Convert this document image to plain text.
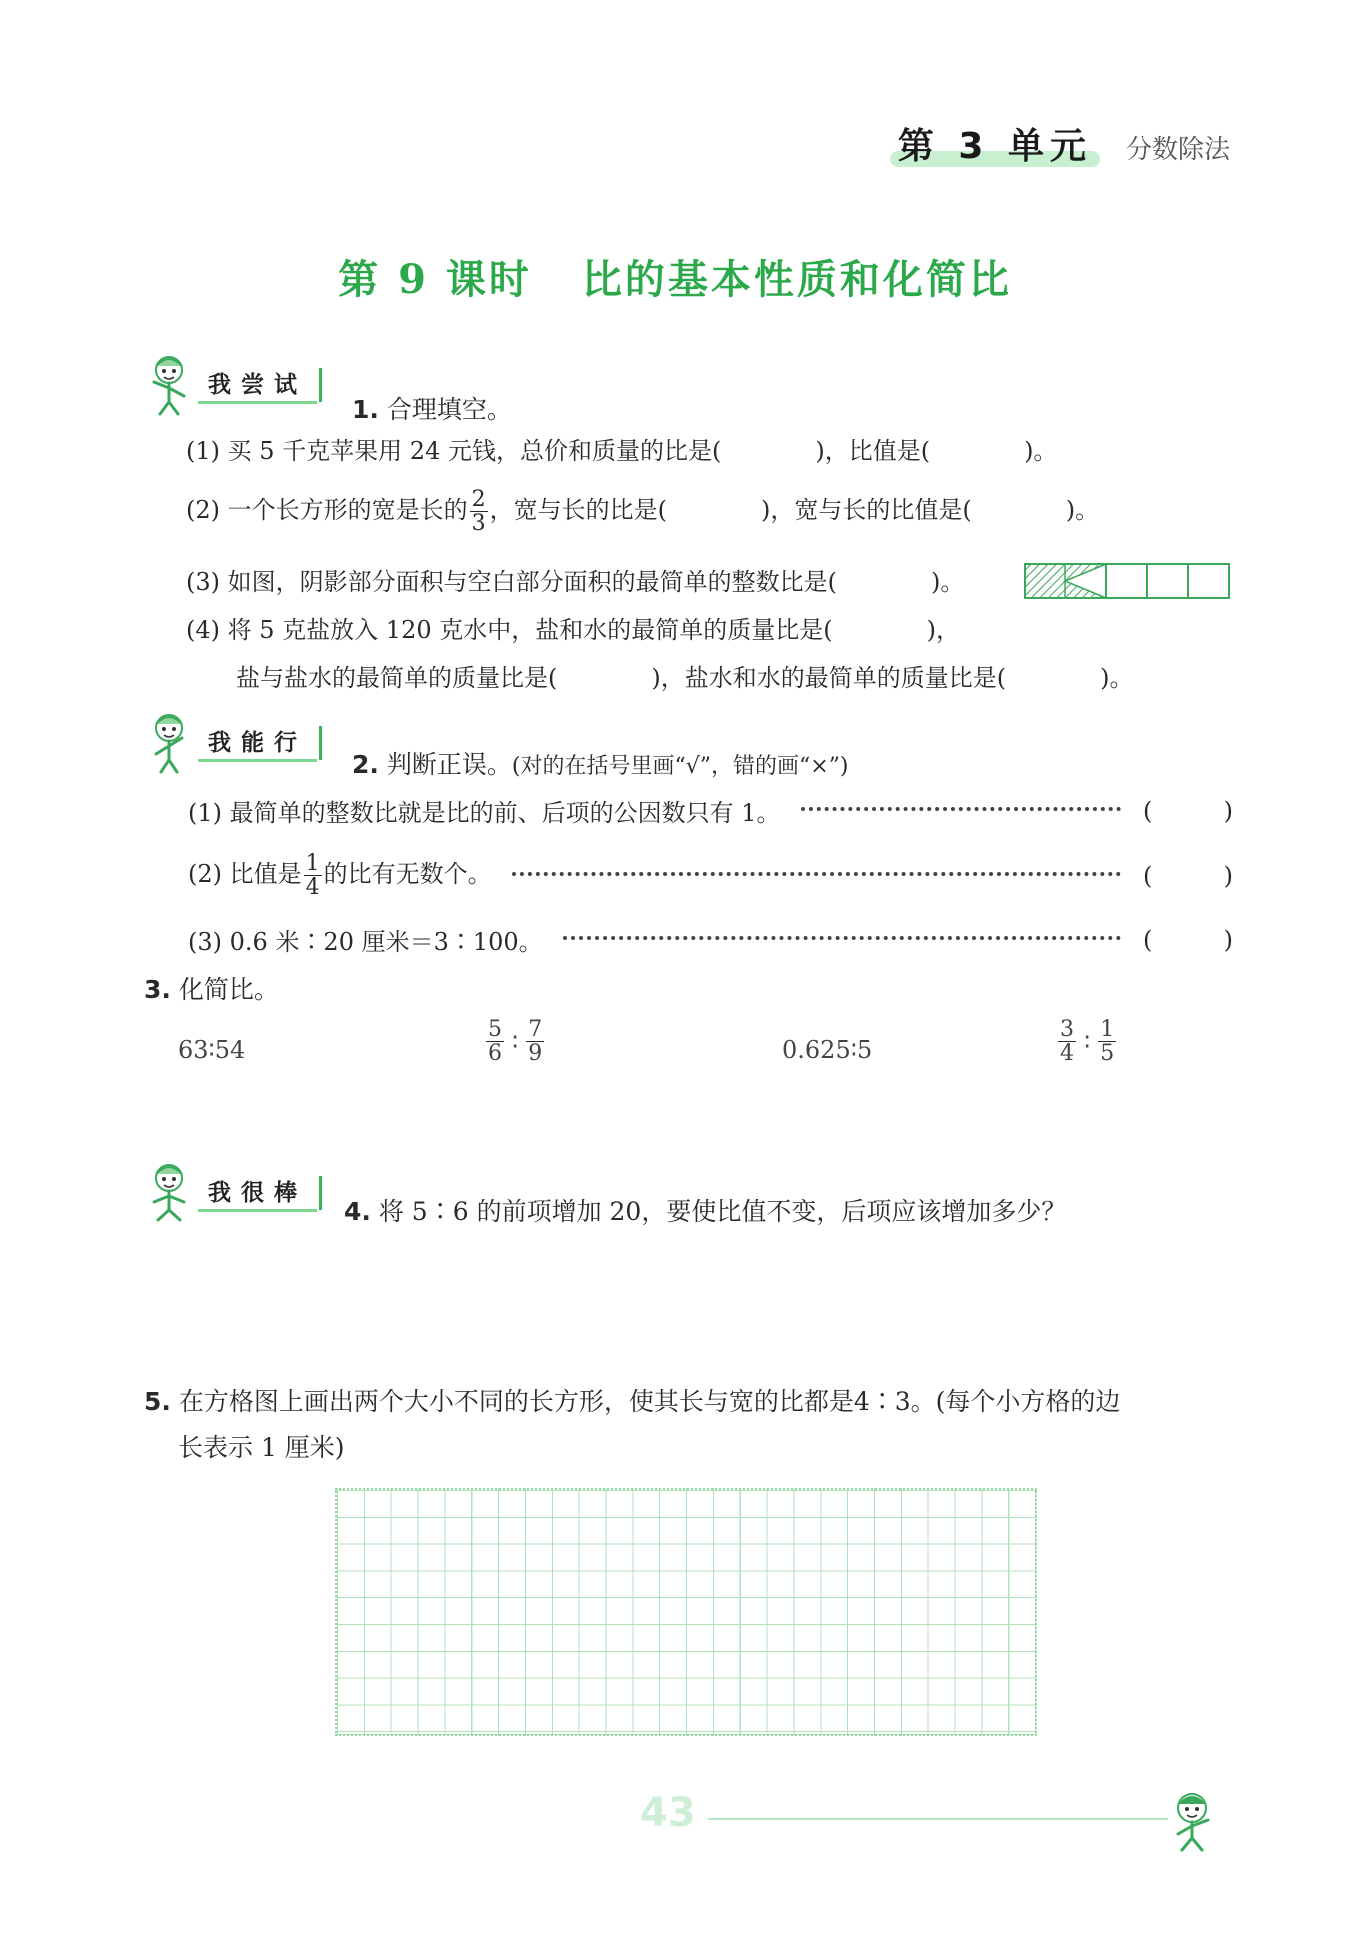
第 3 单元	分数除法
第 9 课时 比的基本性质和化简比
我尝试
1. 合理填空。
(1) 买 5 千克苹果用 24 元钱，总价和质量的比是(	)，比值是(	)。
(2) 一个长方形的宽是长的 $\frac{2}{3}$ ，宽与长的比是(	)，宽与长的比值是(	)。
(3) 如图，阴影部分面积与空白部分面积的最简单的整数比是(	)。
(4) 将 5 克盐放入 120 克水中，盐和水的最简单的质量比是(	)，
盐与盐水的最简单的质量比是(	)，盐水和水的最简单的质量比是(	)。
我能行
2. 判断正误。(对的在括号里画“√”，错的画“×”)
(1) 最简单的整数比就是比的前、后项的公因数只有 1。	(	)
(2) 比值是 $\frac{1}{4}$ 的比有无数个。	(	)
(3) 0.6 米∶20 厘米＝3∶100。	(	)
3. 化简比。
63∶54	$\frac{5}{6}$ ∶ $\frac{7}{9}$	0.625∶5	$\frac{3}{4}$ ∶ $\frac{1}{5}$
我很棒
4. 将 5∶6 的前项增加 20，要使比值不变，后项应该增加多少？
5. 在方格图上画出两个大小不同的长方形，使其长与宽的比都是4∶3。(每个小方格的边
长表示 1 厘米)
43
